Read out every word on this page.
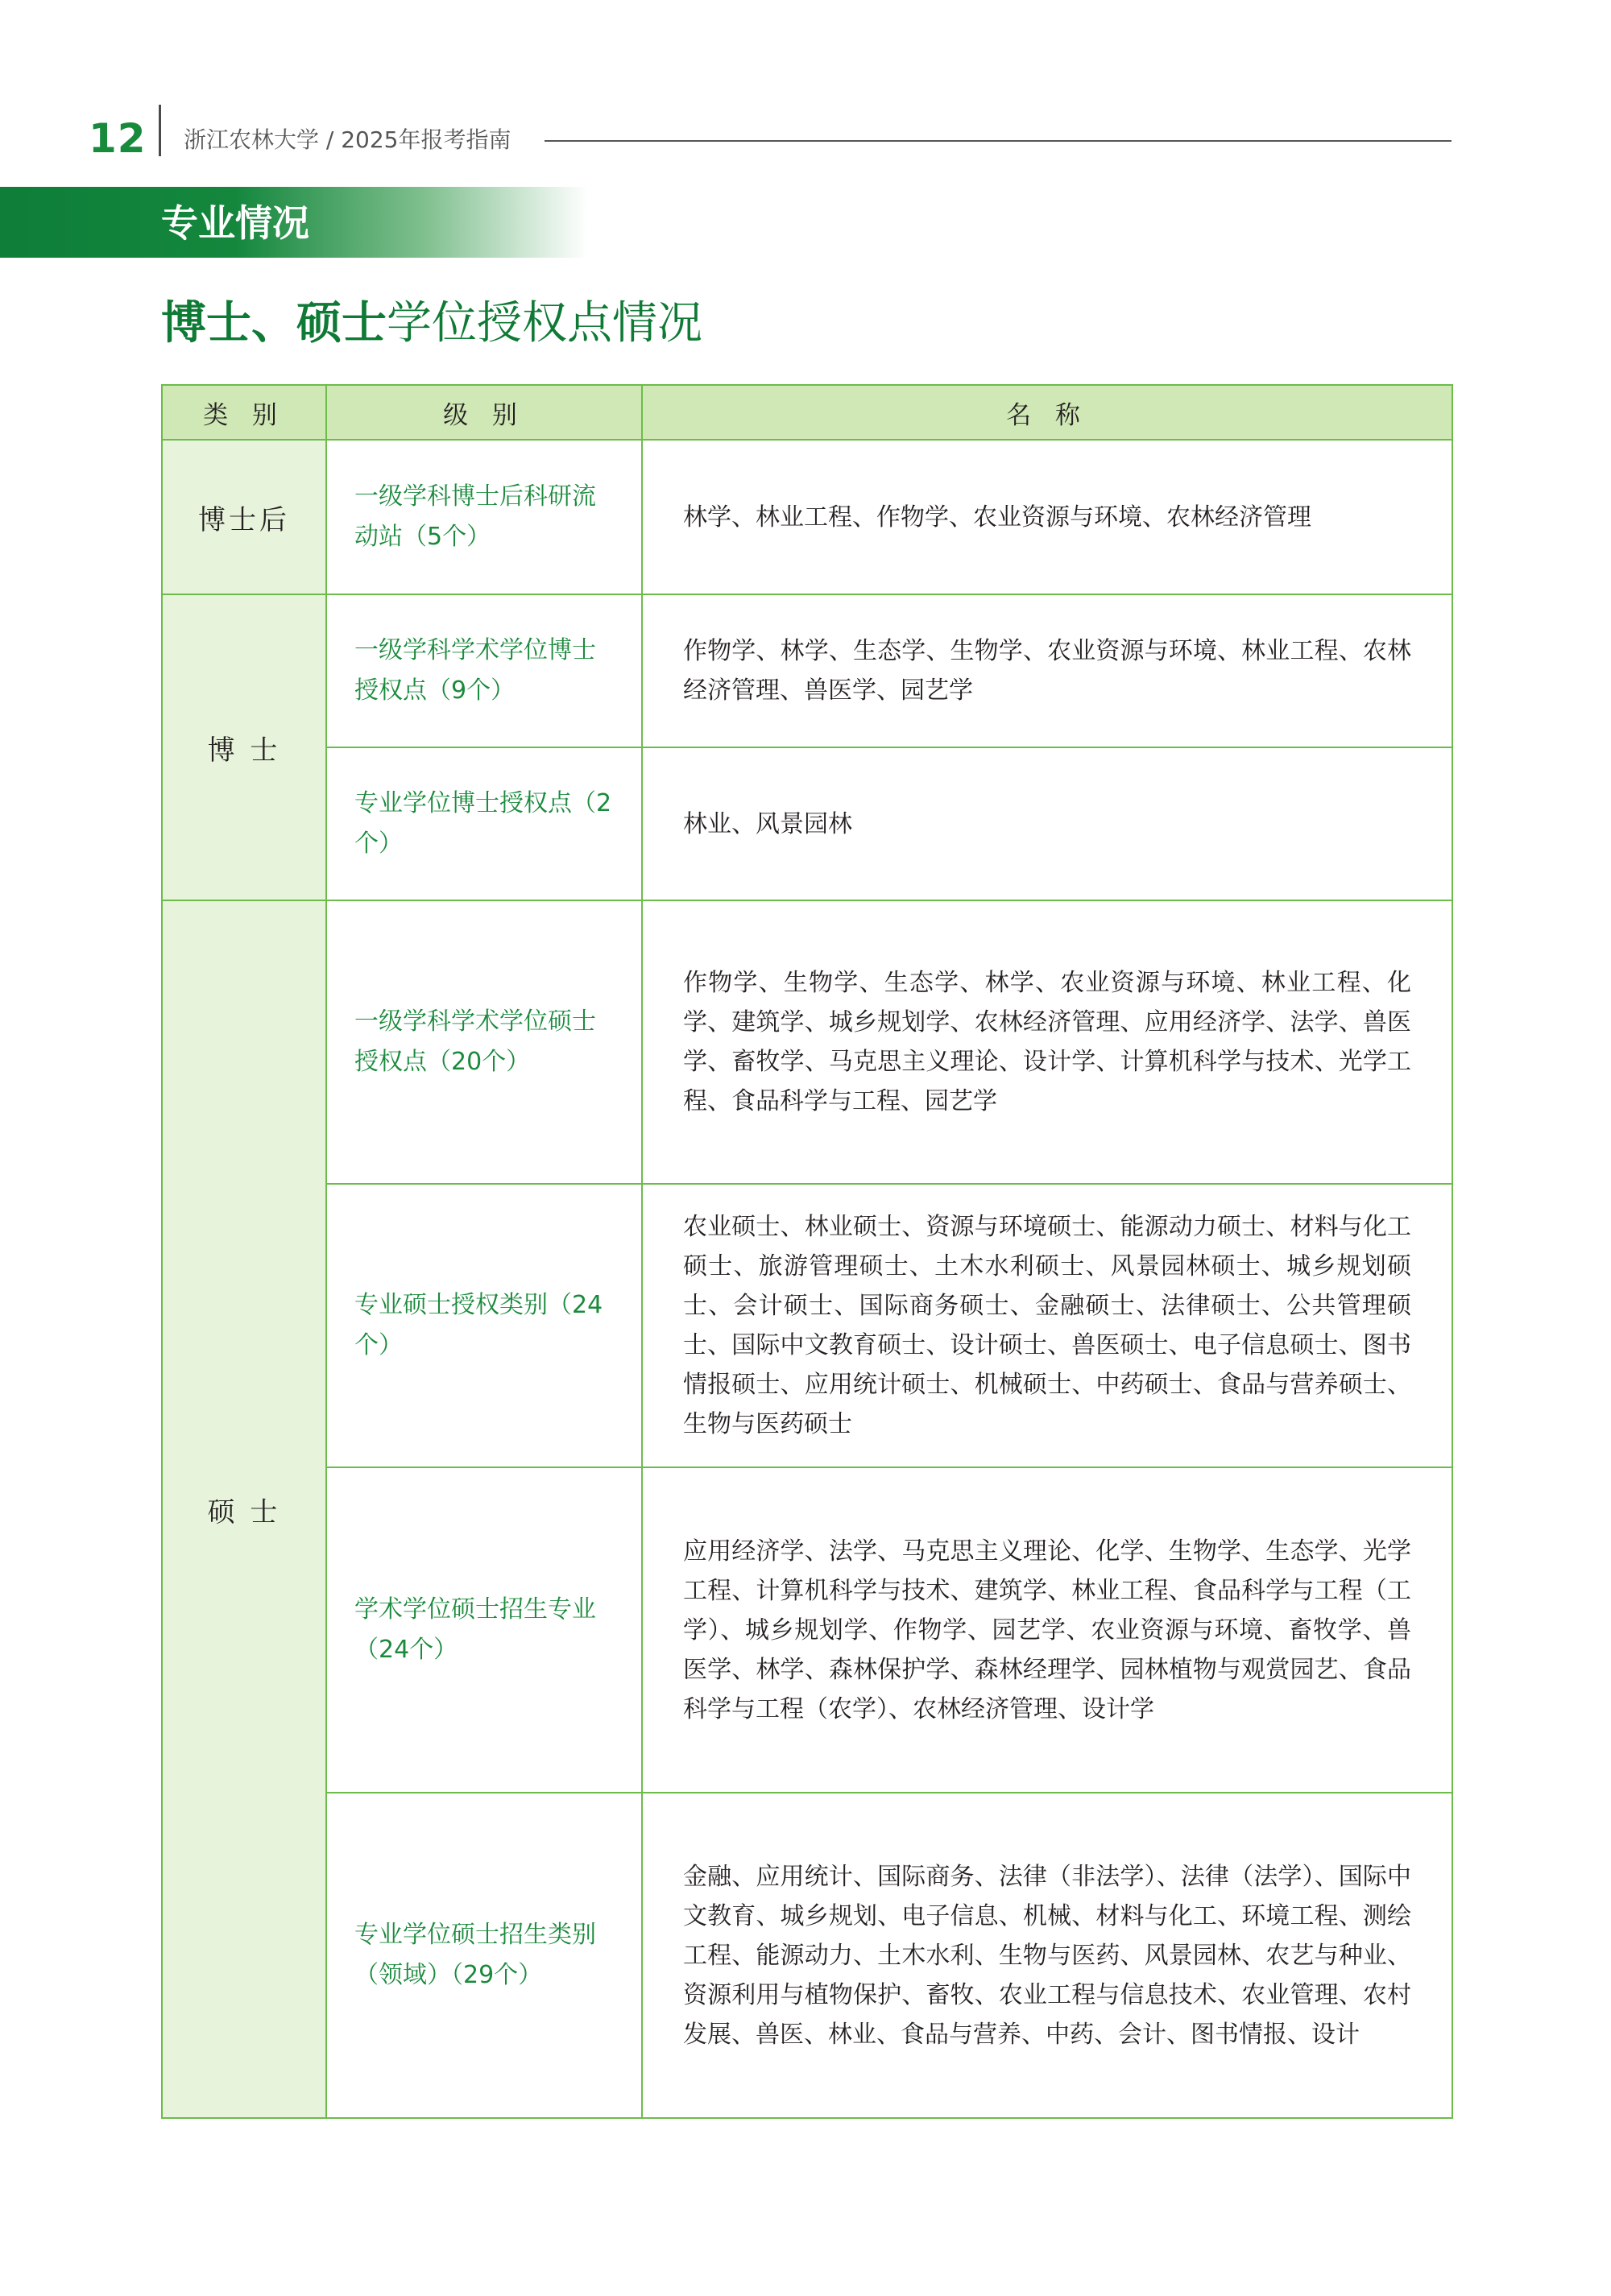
12 浙江农林大学 / 2025年报考指南
专业情况
博士、硕士学位授权点情况
类 别	级 别	名 称
博士后	一级学科博士后科研流动站（5个）	林学、林业工程、作物学、农业资源与环境、农林经济管理
博 士	一级学科学术学位博士授权点（9个）	作物学、林学、生态学、生物学、农业资源与环境、林业工程、农林经济管理、兽医学、园艺学
	专业学位博士授权点（2个）	林业、风景园林
硕 士	一级学科学术学位硕士授权点（20个）	作物学、生物学、生态学、林学、农业资源与环境、林业工程、化学、建筑学、城乡规划学、农林经济管理、应用经济学、法学、兽医学、畜牧学、马克思主义理论、设计学、计算机科学与技术、光学工程、食品科学与工程、园艺学
	专业硕士授权类别（24个）	农业硕士、林业硕士、资源与环境硕士、能源动力硕士、材料与化工硕士、旅游管理硕士、土木水利硕士、风景园林硕士、城乡规划硕士、会计硕士、国际商务硕士、金融硕士、法律硕士、公共管理硕士、国际中文教育硕士、设计硕士、兽医硕士、电子信息硕士、图书情报硕士、应用统计硕士、机械硕士、中药硕士、食品与营养硕士、生物与医药硕士
	学术学位硕士招生专业（24个）	应用经济学、法学、马克思主义理论、化学、生物学、生态学、光学工程、计算机科学与技术、建筑学、林业工程、食品科学与工程（工学）、城乡规划学、作物学、园艺学、农业资源与环境、畜牧学、兽医学、林学、森林保护学、森林经理学、园林植物与观赏园艺、食品科学与工程（农学）、农林经济管理、设计学
	专业学位硕士招生类别（领域）（29个）	金融、应用统计、国际商务、法律（非法学）、法律（法学）、国际中文教育、城乡规划、电子信息、机械、材料与化工、环境工程、测绘工程、能源动力、土木水利、生物与医药、风景园林、农艺与种业、资源利用与植物保护、畜牧、农业工程与信息技术、农业管理、农村发展、兽医、林业、食品与营养、中药、会计、图书情报、设计
